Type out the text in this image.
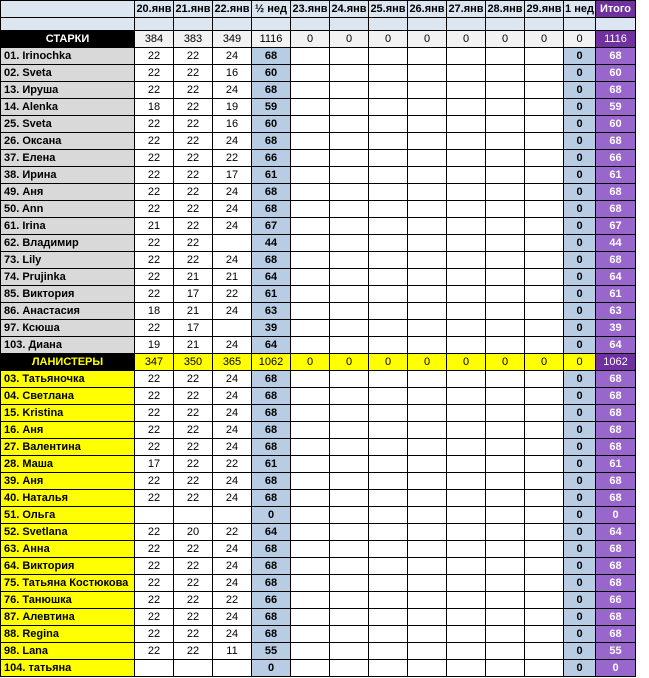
	20.янв	21.янв	22.янв	½ нед	23.янв	24.янв	25.янв	26.янв	27.янв	28.янв	29.янв	1 нед	Итого

СТАРКИ	384	383	349	1116	0	0	0	0	0	0	0	0	1116
01. Irinochka	22	22	24	68								0	68
02. Sveta	22	22	16	60								0	60
13. Ируша	22	22	24	68								0	68
14. Alenka	18	22	19	59								0	59
25. Sveta	22	22	16	60								0	60
26. Оксана	22	22	24	68								0	68
37. Елена	22	22	22	66								0	66
38. Ирина	22	22	17	61								0	61
49. Аня	22	22	24	68								0	68
50. Ann	22	22	24	68								0	68
61. Irina	21	22	24	67								0	67
62. Владимир	22	22		44								0	44
73. Lily	22	22	24	68								0	68
74. Prujinka	22	21	21	64								0	64
85. Виктория	22	17	22	61								0	61
86. Анастасия	18	21	24	63								0	63
97. Ксюша	22	17		39								0	39
103. Диана	19	21	24	64								0	64
ЛАНИСТЕРЫ	347	350	365	1062	0	0	0	0	0	0	0	0	1062
03. Татьяночка	22	22	24	68								0	68
04. Светлана	22	22	24	68								0	68
15. Kristina	22	22	24	68								0	68
16. Аня	22	22	24	68								0	68
27. Валентина	22	22	24	68								0	68
28. Маша	17	22	22	61								0	61
39. Аня	22	22	24	68								0	68
40. Наталья	22	22	24	68								0	68
51. Ольга				0								0	0
52. Svetlana	22	20	22	64								0	64
63. Анна	22	22	24	68								0	68
64. Виктория	22	22	24	68								0	68
75. Татьяна Костюкова	22	22	24	68								0	68
76. Танюшка	22	22	22	66								0	66
87. Алевтина	22	22	24	68								0	68
88. Regina	22	22	24	68								0	68
98. Lana	22	22	11	55								0	55
104. татьяна				0								0	0
